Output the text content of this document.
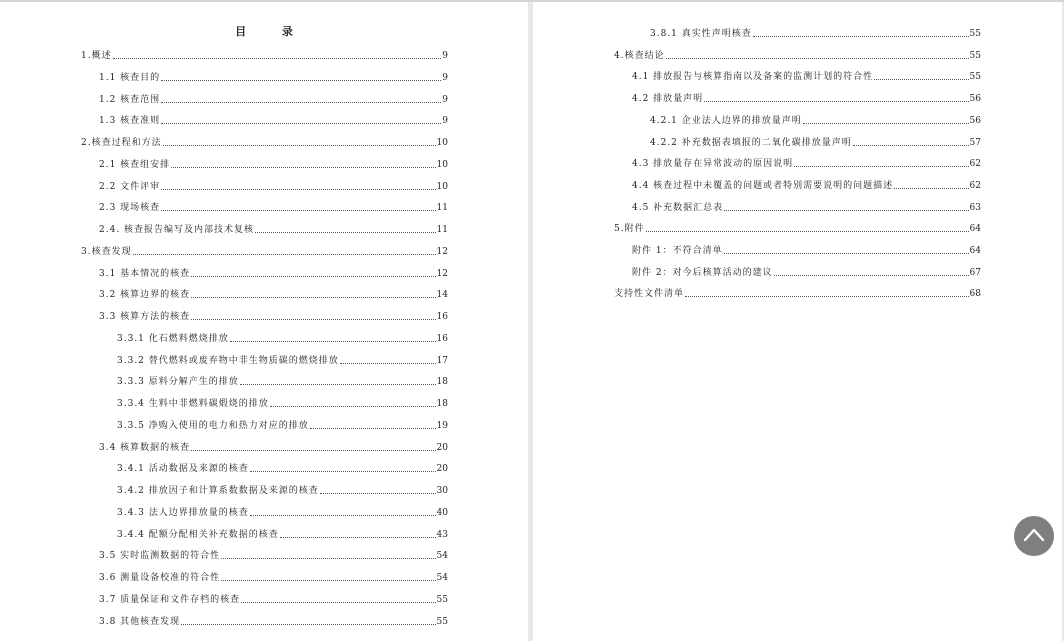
目 录
1.概述	9
1.1 核查目的	9
1.2 核查范围	9
1.3 核查准则	9
2.核查过程和方法	10
2.1 核查组安排	10
2.2 文件评审	10
2.3 现场核查	11
2.4. 核查报告编写及内部技术复核	11
3.核查发现	12
3.1 基本情况的核查	12
3.2 核算边界的核查	14
3.3 核算方法的核查	16
3.3.1 化石燃料燃烧排放	16
3.3.2 替代燃料或废弃物中非生物质碳的燃烧排放	17
3.3.3 原料分解产生的排放	18
3.3.4 生料中非燃料碳煅烧的排放	18
3.3.5 净购入使用的电力和热力对应的排放	19
3.4 核算数据的核查	20
3.4.1 活动数据及来源的核查	20
3.4.2 排放因子和计算系数数据及来源的核查	30
3.4.3 法人边界排放量的核查	40
3.4.4 配额分配相关补充数据的核查	43
3.5 实时监测数据的符合性	54
3.6 测量设备校准的符合性	54
3.7 质量保证和文件存档的核查	55
3.8 其他核查发现	55
3.8.1 真实性声明核查	55
4.核查结论	55
4.1 排放报告与核算指南以及备案的监测计划的符合性	55
4.2 排放量声明	56
4.2.1 企业法人边界的排放量声明	56
4.2.2 补充数据表填报的二氧化碳排放量声明	57
4.3 排放量存在异常波动的原因说明	62
4.4 核查过程中未覆盖的问题或者特别需要说明的问题描述	62
4.5 补充数据汇总表	63
5.附件	64
附件 1：不符合清单	64
附件 2：对今后核算活动的建议	67
支持性文件清单	68
